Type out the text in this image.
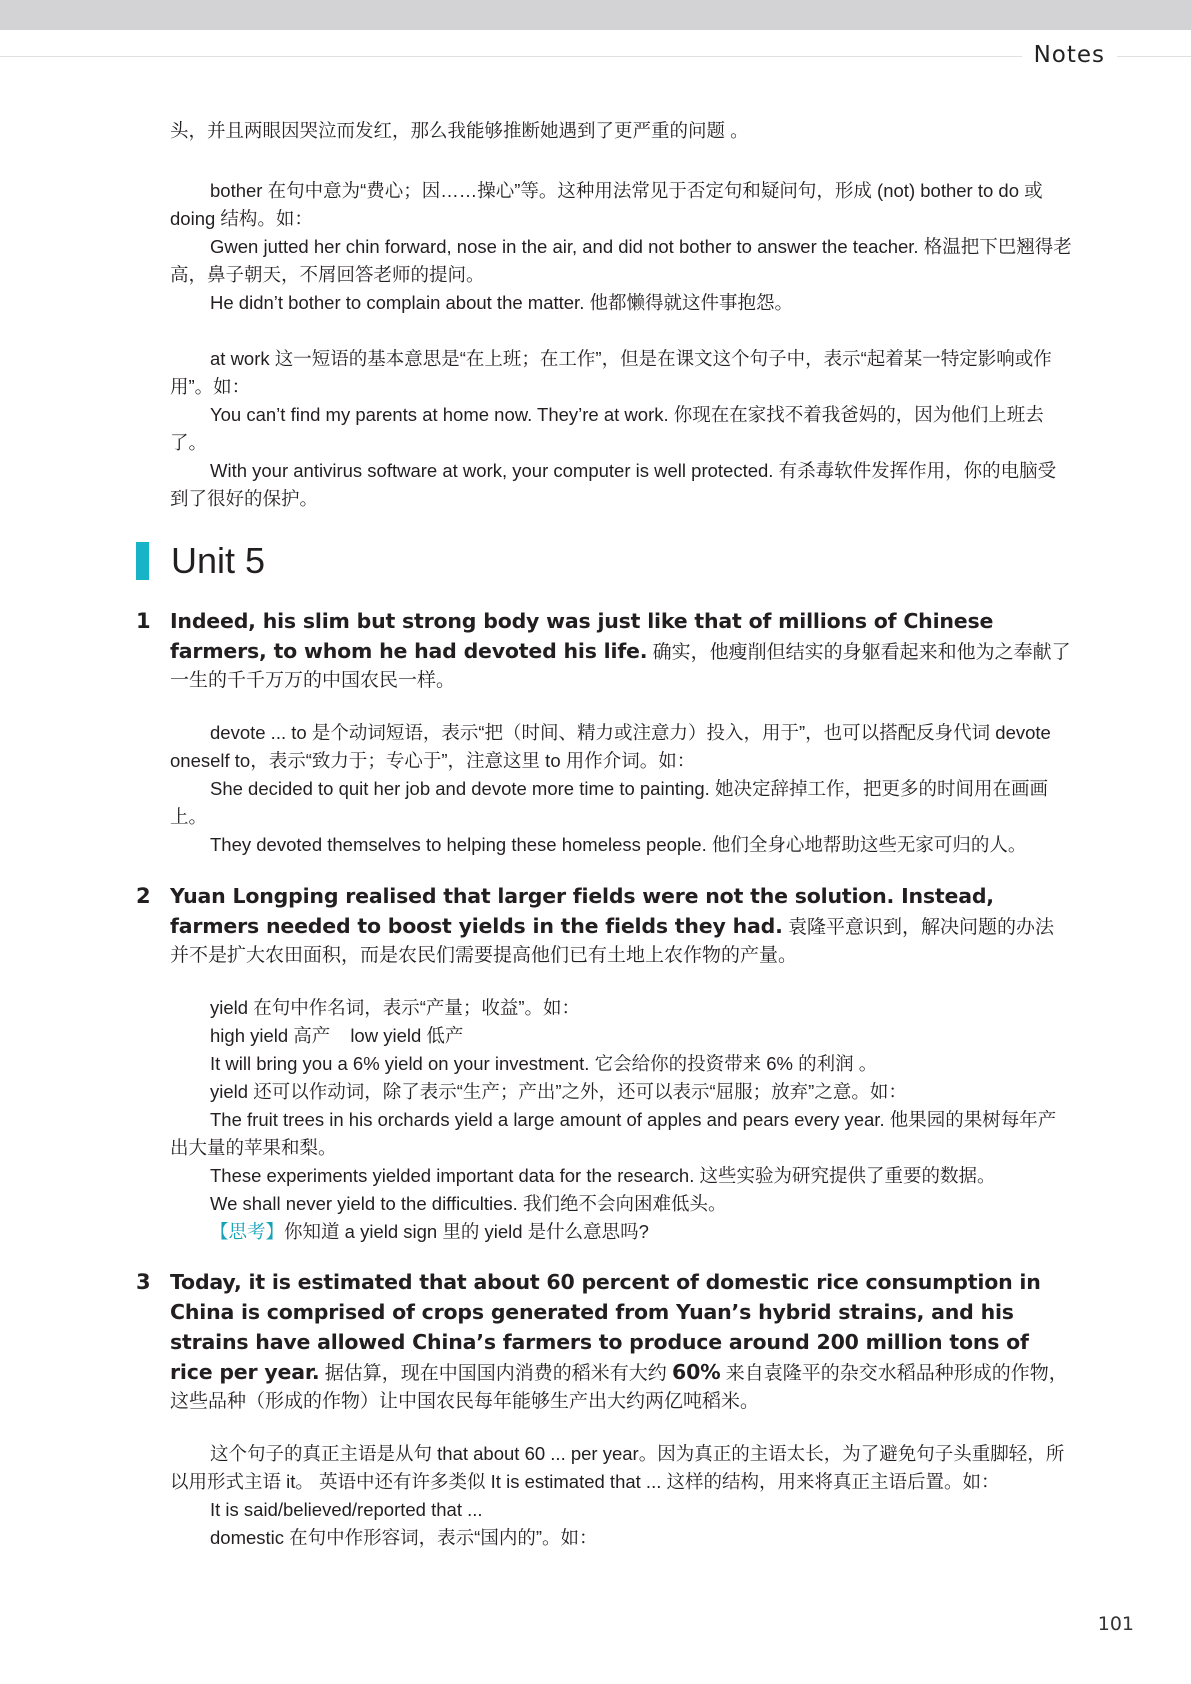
Notes

头，并且两眼因哭泣而发红，那么我能够推断她遇到了更严重的问题 。

bother 在句中意为“费心；因……操心”等。这种用法常见于否定句和疑问句，形成 (not) bother to do 或 doing 结构。如：

Gwen jutted her chin forward, nose in the air, and did not bother to answer the teacher. 格温把下巴翘得老高，鼻子朝天，不屑回答老师的提问。

He didn’t bother to complain about the matter. 他都懒得就这件事抱怨。

at work 这一短语的基本意思是“在上班；在工作”，但是在课文这个句子中，表示“起着某一特定影响或作用”。如：

You can’t find my parents at home now. They’re at work. 你现在在家找不着我爸妈的，因为他们上班去了。

With your antivirus software at work, your computer is well protected. 有杀毒软件发挥作用，你的电脑受到了很好的保护。

Unit 5
1 Indeed, his slim but strong body was just like that of millions of Chinese farmers, to whom he had devoted his life. 确实，他瘦削但结实的身躯看起来和他为之奉献了一生的千千万万的中国农民一样。

devote ... to 是个动词短语，表示“把（时间、精力或注意力）投入，用于”，也可以搭配反身代词 devote oneself to，表示“致力于；专心于”，注意这里 to 用作介词。如：

She decided to quit her job and devote more time to painting. 她决定辞掉工作，把更多的时间用在画画上。

They devoted themselves to helping these homeless people. 他们全身心地帮助这些无家可归的人。

2 Yuan Longping realised that larger fields were not the solution. Instead, farmers needed to boost yields in the fields they had. 袁隆平意识到，解决问题的办法并不是扩大农田面积，而是农民们需要提高他们已有土地上农作物的产量。

yield 在句中作名词，表示“产量；收益”。如：

high yield 高产 low yield 低产

It will bring you a 6% yield on your investment. 它会给你的投资带来 6% 的利润 。

yield 还可以作动词，除了表示“生产；产出”之外，还可以表示“屈服；放弃”之意。如：

The fruit trees in his orchards yield a large amount of apples and pears every year. 他果园的果树每年产出大量的苹果和梨。

These experiments yielded important data for the research. 这些实验为研究提供了重要的数据。

We shall never yield to the difficulties. 我们绝不会向困难低头。

【思考】你知道 a yield sign 里的 yield 是什么意思吗?

3 Today, it is estimated that about 60 percent of domestic rice consumption in China is comprised of crops generated from Yuan’s hybrid strains, and his strains have allowed China’s farmers to produce around 200 million tons of rice per year. 据估算，现在中国国内消费的稻米有大约 60% 来自袁隆平的杂交水稻品种形成的作物，这些品种（形成的作物）让中国农民每年能够生产出大约两亿吨稻米。

这个句子的真正主语是从句 that about 60 ... per year。因为真正的主语太长，为了避免句子头重脚轻，所以用形式主语 it。 英语中还有许多类似 It is estimated that ... 这样的结构，用来将真正主语后置。如：

It is said/believed/reported that ...

domestic 在句中作形容词，表示“国内的”。如：

101
